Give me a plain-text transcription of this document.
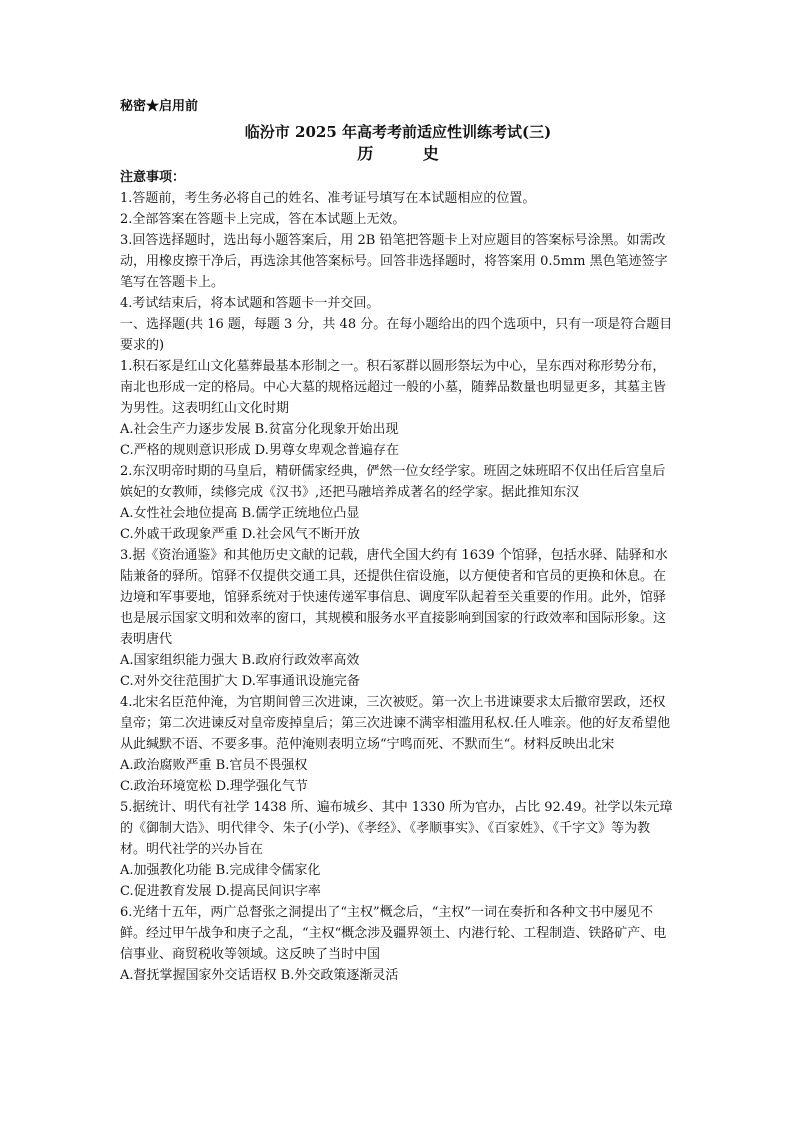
秘密★启用前

临汾市 2025 年高考考前适应性训练考试(三)

历 史

注意事项：

1.答题前，考生务必将自己的姓名、准考证号填写在本试题相应的位置。

2.全部答案在答题卡上完成，答在本试题上无效。

3.回答选择题时，选出每小题答案后，用 2B 铅笔把答题卡上对应题目的答案标号涂黑。如需改动，用橡皮擦干净后，再选涂其他答案标号。回答非选择题时，将答案用 0.5mm 黑色笔迹签字笔写在答题卡上。

4.考试结束后，将本试题和答题卡一并交回。

一、选择题(共 16 题，每题 3 分，共 48 分。在每小题给出的四个选项中，只有一项是符合题目要求的)

1.积石冢是红山文化墓葬最基本形制之一。积石冢群以圆形祭坛为中心，呈东西对称形势分布，南北也形成一定的格局。中心大墓的规格远超过一般的小墓，随葬品数量也明显更多，其墓主皆为男性。这表明红山文化时期

A.社会生产力逐步发展 B.贫富分化现象开始出现

C.严格的规则意识形成 D.男尊女卑观念普遍存在

2.东汉明帝时期的马皇后，精研儒家经典，俨然一位女经学家。班固之妹班昭不仅出任后宫皇后嫔妃的女教师，续修完成《汉书》,还把马融培养成著名的经学家。据此推知东汉

A.女性社会地位提高 B.儒学正统地位凸显

C.外戚干政现象严重 D.社会风气不断开放

3.据《资治通鉴》和其他历史文献的记载，唐代全国大约有 1639 个馆驿，包括水驿、陆驿和水陆兼备的驿所。馆驿不仅提供交通工具，还提供住宿设施，以方便使者和官员的更换和休息。在边境和军事要地，馆驿系统对于快速传递军事信息、调度军队起着至关重要的作用。此外，馆驿也是展示国家文明和效率的窗口，其规模和服务水平直接影响到国家的行政效率和国际形象。这表明唐代

A.国家组织能力强大 B.政府行政效率高效

C.对外交往范围扩大 D.军事通讯设施完备

4.北宋名臣范仲淹，为官期间曾三次进谏，三次被贬。第一次上书进谏要求太后撤帘罢政，还权皇帝；第二次进谏反对皇帝废掉皇后；第三次进谏不满宰相滥用私权.任人唯亲。他的好友希望他从此缄默不语、不要多事。范仲淹则表明立场“宁鸣而死、不默而生“。材料反映出北宋

A.政治腐败严重 B.官员不畏强权

C.政治环境宽松 D.理学强化气节

5.据统计、明代有社学 1438 所、遍布城乡、其中 1330 所为官办，占比 92.49。社学以朱元璋的《御制大诰》、明代律令、朱子(小学)、《孝经》、《孝顺事实》、《百家姓》、《千字文》等为教材。明代社学的兴办旨在

A.加强教化功能 B.完成律令儒家化

C.促进教育发展 D.提高民间识字率

6.光绪十五年，两广总督张之洞提出了“主权”概念后，“主权”一词在奏折和各种文书中屡见不鲜。经过甲午战争和庚子之乱，“主权“概念涉及疆界领土、内港行轮、工程制造、铁路矿产、电信事业、商贸税收等领域。这反映了当时中国

A.督抚掌握国家外交话语权 B.外交政策逐渐灵活
